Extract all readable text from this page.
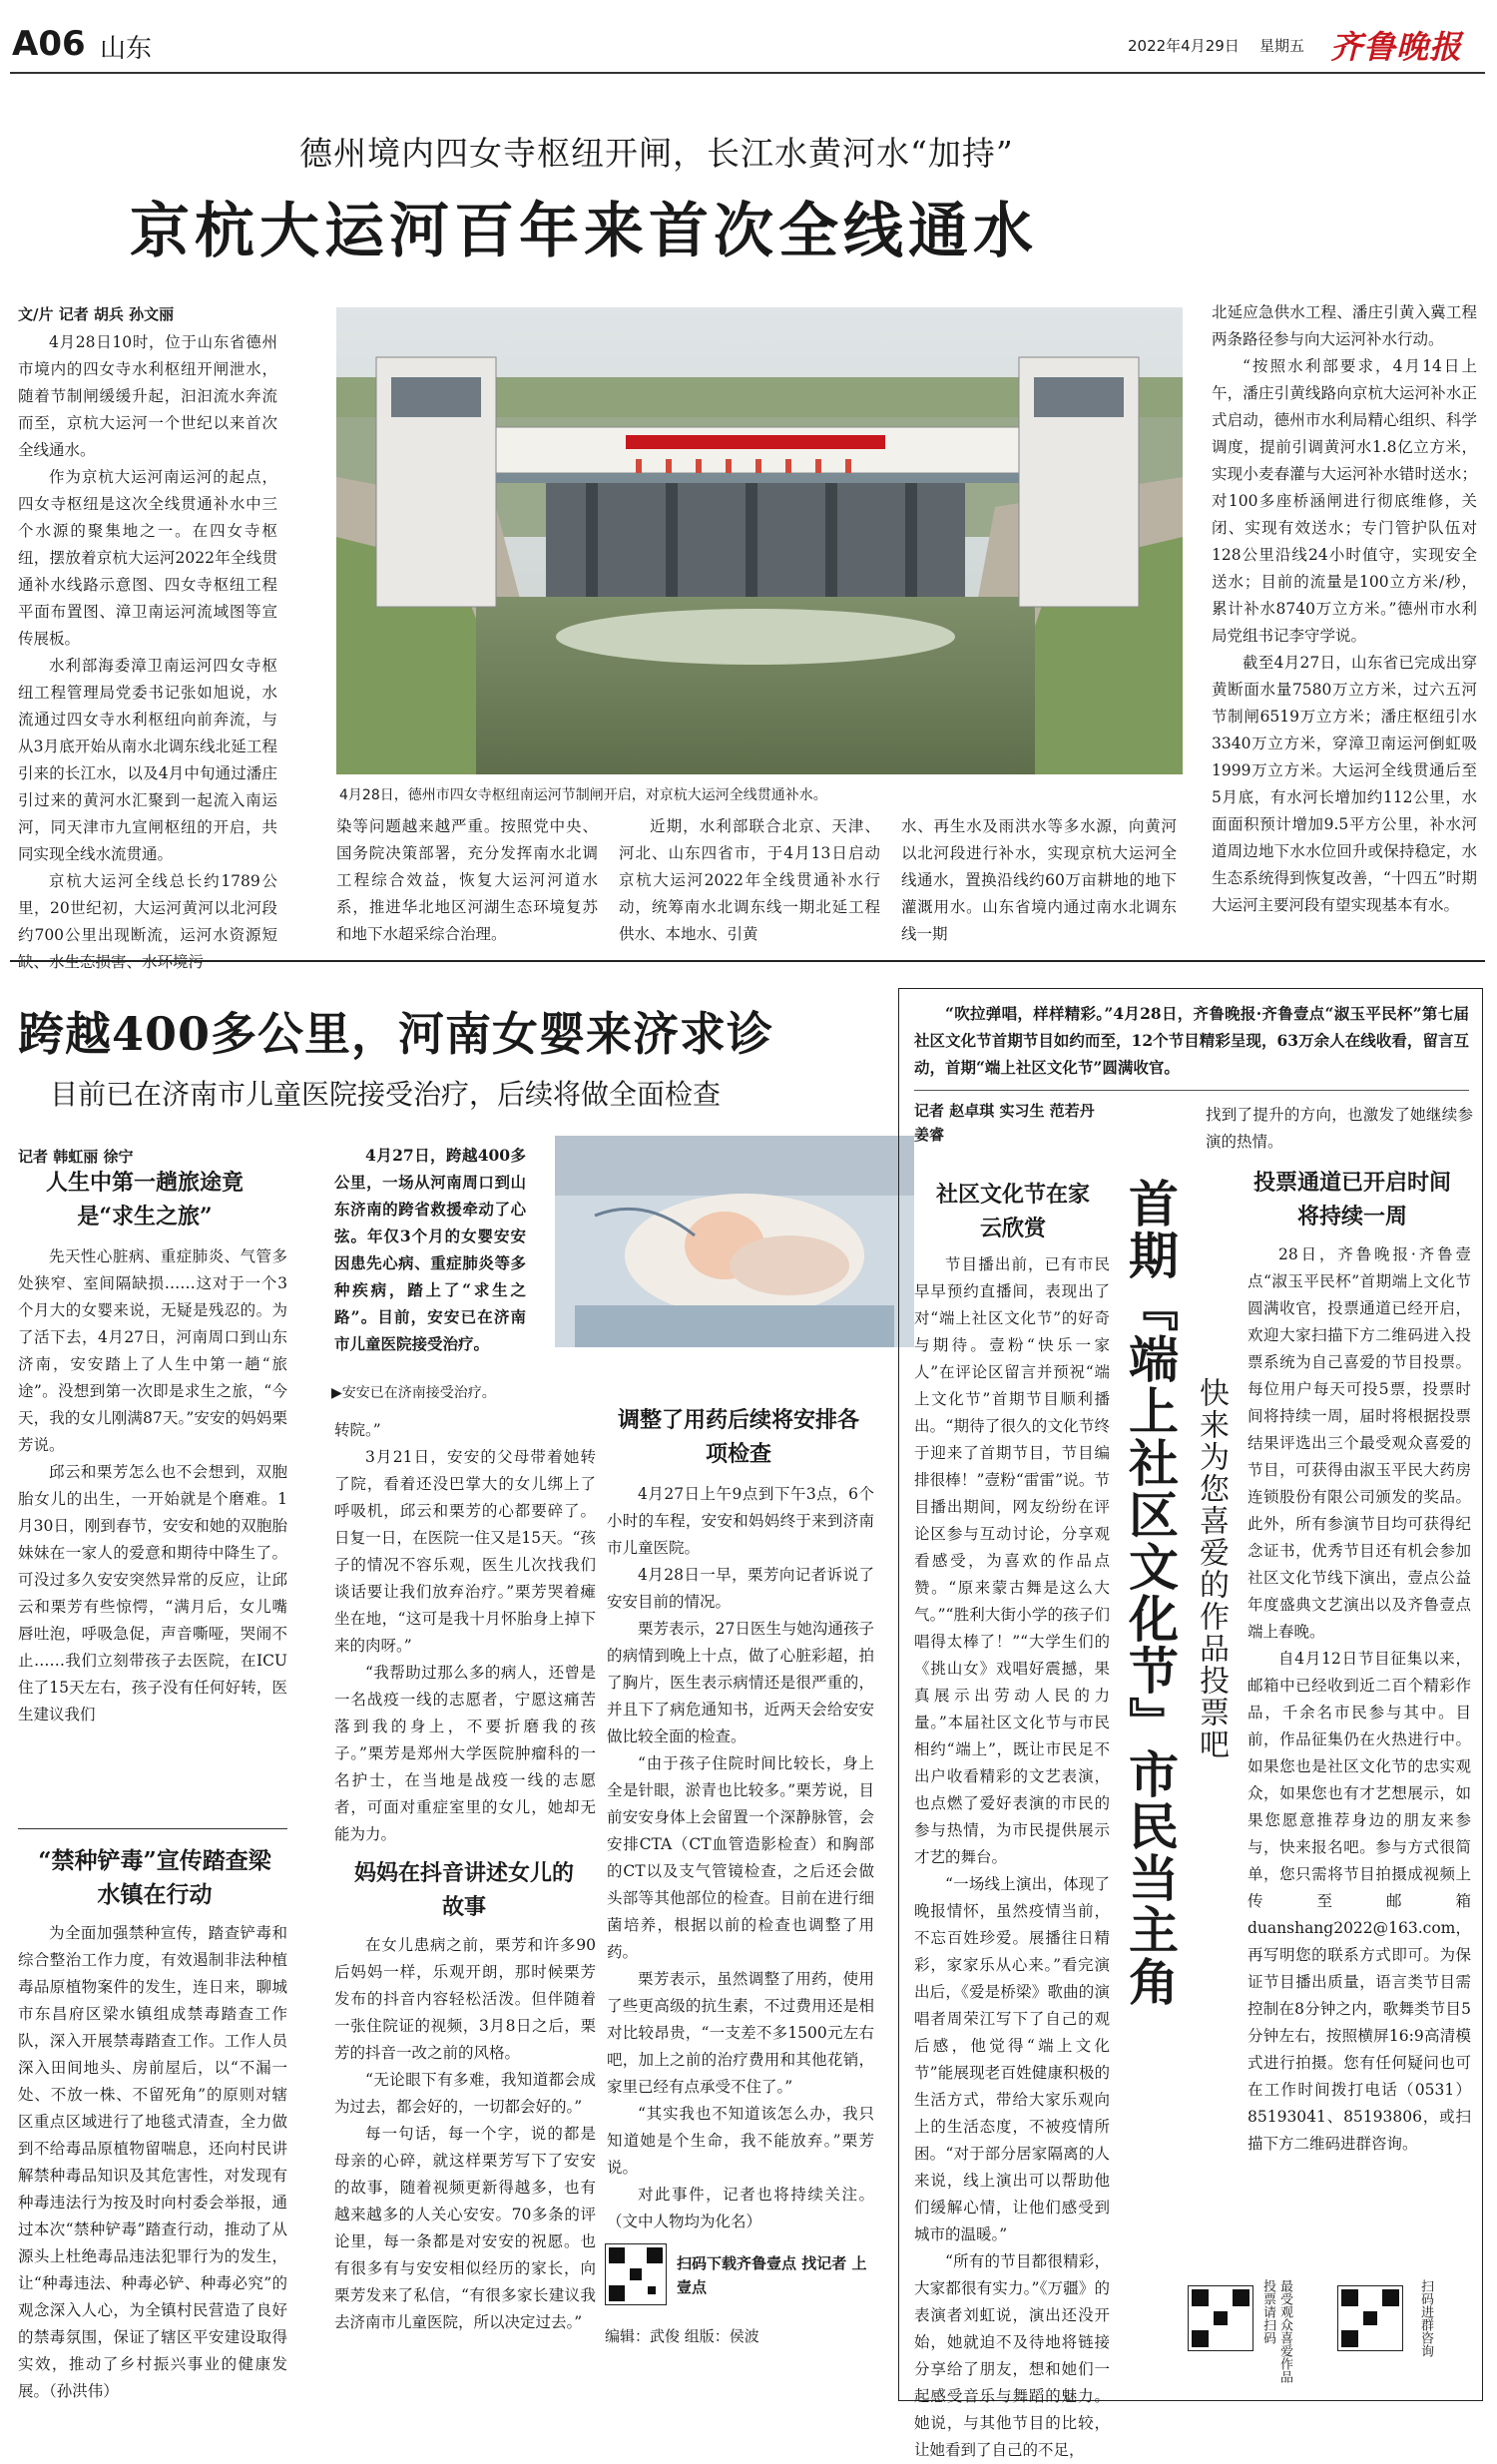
A06 山东	2022年4月29日 星期五 齐鲁晚报
德州境内四女寺枢纽开闸，长江水黄河水“加持”
京杭大运河百年来首次全线通水
文/片 记者 胡兵 孙文丽

4月28日10时，位于山东省德州市境内的四女寺水利枢纽开闸泄水，随着节制闸缓缓升起，汩汩流水奔流而至，京杭大运河一个世纪以来首次全线通水。

作为京杭大运河南运河的起点，四女寺枢纽是这次全线贯通补水中三个水源的聚集地之一。在四女寺枢纽，摆放着京杭大运河2022年全线贯通补水线路示意图、四女寺枢纽工程平面布置图、漳卫南运河流域图等宣传展板。

水利部海委漳卫南运河四女寺枢纽工程管理局党委书记张如旭说，水流通过四女寺水利枢纽向前奔流，与从3月底开始从南水北调东线北延工程引来的长江水，以及4月中旬通过潘庄引过来的黄河水汇聚到一起流入南运河，同天津市九宣闸枢纽的开启，共同实现全线水流贯通。

京杭大运河全线总长约1789公里，20世纪初，大运河黄河以北河段约700公里出现断流，运河水资源短缺、水生态损害、水环境污

4月28日，德州市四女寺枢纽南运河节制闸开启，对京杭大运河全线贯通补水。

染等问题越来越严重。按照党中央、国务院决策部署，充分发挥南水北调工程综合效益，恢复大运河河道水系，推进华北地区河湖生态环境复苏和地下水超采综合治理。

近期，水利部联合北京、天津、河北、山东四省市，于4月13日启动京杭大运河2022年全线贯通补水行动，统筹南水北调东线一期北延工程供水、本地水、引黄

水、再生水及雨洪水等多水源，向黄河以北河段进行补水，实现京杭大运河全线通水，置换沿线约60万亩耕地的地下灌溉用水。山东省境内通过南水北调东线一期

北延应急供水工程、潘庄引黄入冀工程两条路径参与向大运河补水行动。

“按照水利部要求，4月14日上午，潘庄引黄线路向京杭大运河补水正式启动，德州市水利局精心组织、科学调度，提前引调黄河水1.8亿立方米，实现小麦春灌与大运河补水错时送水；对100多座桥涵闸进行彻底维修，关闭、实现有效送水；专门管护队伍对128公里沿线24小时值守，实现安全送水；目前的流量是100立方米/秒，累计补水8740万立方米。”德州市水利局党组书记李守学说。

截至4月27日，山东省已完成出穿黄断面水量7580万立方米，过六五河节制闸6519万立方米；潘庄枢纽引水3340万立方米，穿漳卫南运河倒虹吸1999万立方米。大运河全线贯通后至5月底，有水河长增加约112公里，水面面积预计增加9.5平方公里，补水河道周边地下水水位回升或保持稳定，水生态系统得到恢复改善，“十四五”时期大运河主要河段有望实现基本有水。

跨越400多公里，河南女婴来济求诊
目前已在济南市儿童医院接受治疗，后续将做全面检查
记者 韩虹丽 徐宁
人生中第一趟旅途竟是“求生之旅”

先天性心脏病、重症肺炎、气管多处狭窄、室间隔缺损……这对于一个3个月大的女婴来说，无疑是残忍的。为了活下去，4月27日，河南周口到山东济南，安安踏上了人生中第一趟“旅途”。没想到第一次即是求生之旅，“今天，我的女儿刚满87天。”安安的妈妈栗芳说。

邱云和栗芳怎么也不会想到，双胞胎女儿的出生，一开始就是个磨难。1月30日，刚到春节，安安和她的双胞胎妹妹在一家人的爱意和期待中降生了。可没过多久安安突然异常的反应，让邱云和栗芳有些惊愕，“满月后，女儿嘴唇吐泡，呼吸急促，声音嘶哑，哭闹不止……我们立刻带孩子去医院，在ICU住了15天左右，孩子没有任何好转，医生建议我们

“禁种铲毒”宣传踏查梁水镇在行动

为全面加强禁种宣传，踏查铲毒和综合整治工作力度，有效遏制非法种植毒品原植物案件的发生，连日来，聊城市东昌府区梁水镇组成禁毒踏查工作队，深入开展禁毒踏查工作。工作人员深入田间地头、房前屋后，以“不漏一处、不放一株、不留死角”的原则对辖区重点区域进行了地毯式清查，全力做到不给毒品原植物留喘息，还向村民讲解禁种毒品知识及其危害性，对发现有种毒违法行为按及时向村委会举报，通过本次“禁种铲毒”踏查行动，推动了从源头上杜绝毒品违法犯罪行为的发生，让“种毒违法、种毒必铲、种毒必究”的观念深入人心，为全镇村民营造了良好的禁毒氛围，保证了辖区平安建设取得实效，推动了乡村振兴事业的健康发展。（孙洪伟）

4月27日，跨越400多公里，一场从河南周口到山东济南的跨省救援牵动了心弦。年仅3个月的女婴安安因患先心病、重症肺炎等多种疾病，踏上了“求生之路”。目前，安安已在济南市儿童医院接受治疗。

▶安安已在济南接受治疗。

转院。”

3月21日，安安的父母带着她转了院，看着还没巴掌大的女儿绑上了呼吸机，邱云和栗芳的心都要碎了。日复一日，在医院一住又是15天。“孩子的情况不容乐观，医生儿次找我们谈话要让我们放弃治疗。”栗芳哭着瘫坐在地，“这可是我十月怀胎身上掉下来的肉呀。”

“我帮助过那么多的病人，还曾是一名战疫一线的志愿者，宁愿这痛苦落到我的身上，不要折磨我的孩子。”栗芳是郑州大学医院肿瘤科的一名护士，在当地是战疫一线的志愿者，可面对重症室里的女儿，她却无能为力。

妈妈在抖音讲述女儿的故事

在女儿患病之前，栗芳和许多90后妈妈一样，乐观开朗，那时候栗芳发布的抖音内容轻松活泼。但伴随着一张住院证的视频，3月8日之后，栗芳的抖音一改之前的风格。

“无论眼下有多难，我知道都会成为过去，都会好的，一切都会好的。”

每一句话，每一个字，说的都是母亲的心碎，就这样栗芳写下了安安的故事，随着视频更新得越多，也有越来越多的人关心安安。70多条的评论里，每一条都是对安安的祝愿。也有很多有与安安相似经历的家长，向栗芳发来了私信，“有很多家长建议我去济南市儿童医院，所以决定过去。”

调整了用药后续将安排各项检查

4月27日上午9点到下午3点，6个小时的车程，安安和妈妈终于来到济南市儿童医院。

4月28日一早，栗芳向记者诉说了安安目前的情况。

栗芳表示，27日医生与她沟通孩子的病情到晚上十点，做了心脏彩超，拍了胸片，医生表示病情还是很严重的，并且下了病危通知书，近两天会给安安做比较全面的检查。

“由于孩子住院时间比较长，身上全是针眼，淤青也比较多。”栗芳说，目前安安身体上会留置一个深静脉管，会安排CTA（CT血管造影检查）和胸部的CT以及支气管镜检查，之后还会做头部等其他部位的检查。目前在进行细菌培养，根据以前的检查也调整了用药。

栗芳表示，虽然调整了用药，使用了些更高级的抗生素，不过费用还是相对比较昂贵，“一支差不多1500元左右吧，加上之前的治疗费用和其他花销，家里已经有点承受不住了。”

“其实我也不知道该怎么办，我只知道她是个生命，我不能放弃。”栗芳说。

对此事件，记者也将持续关注。（文中人物均为化名）

扫码下载齐鲁壹点 找记者 上壹点
编辑：武俊 组版：侯波

“吹拉弹唱，样样精彩。”4月28日，齐鲁晚报·齐鲁壹点“淑玉平民杯”第七届社区文化节首期节目如约而至，12个节目精彩呈现，63万余人在线收看，留言互动，首期“端上社区文化节”圆满收官。

记者 赵卓琪 实习生 范若丹 姜睿
社区文化节在家云欣赏

节目播出前，已有市民早早预约直播间，表现出了对“端上社区文化节”的好奇与期待。壹粉“快乐一家人”在评论区留言并预祝“端上文化节”首期节目顺利播出。“期待了很久的文化节终于迎来了首期节目，节目编排很棒！”壹粉“雷雷”说。节目播出期间，网友纷纷在评论区参与互动讨论，分享观看感受，为喜欢的作品点赞。“原来蒙古舞是这么大气。”“胜利大街小学的孩子们唱得太棒了！”“大学生们的《挑山女》戏唱好震撼，果真展示出劳动人民的力量。”本届社区文化节与市民相约“端上”，既让市民足不出户收看精彩的文艺表演，也点燃了爱好表演的市民的参与热情，为市民提供展示才艺的舞台。

“一场线上演出，体现了晚报情怀，虽然疫情当前，不忘百姓珍爱。展播往日精彩，家家乐从心来。”看完演出后，《爱是桥梁》歌曲的演唱者周荣江写下了自己的观后感，他觉得“端上文化节”能展现老百姓健康积极的生活方式，带给大家乐观向上的生活态度，不被疫情所困。“对于部分居家隔离的人来说，线上演出可以帮助他们缓解心情，让他们感受到城市的温暖。”

“所有的节目都很精彩，大家都很有实力。”《万疆》的表演者刘虹说，演出还没开始，她就迫不及待地将链接分享给了朋友，想和她们一起感受音乐与舞蹈的魅力。她说，与其他节目的比较，让她看到了自己的不足，

首期『端上社区文化节』市民当主角 快来为您喜爱的作品投票吧

找到了提升的方向，也激发了她继续参演的热情。

投票通道已开启时间将持续一周

28日，齐鲁晚报·齐鲁壹点“淑玉平民杯”首期端上文化节圆满收官，投票通道已经开启，欢迎大家扫描下方二维码进入投票系统为自己喜爱的节目投票。每位用户每天可投5票，投票时间将持续一周，届时将根据投票结果评选出三个最受观众喜爱的节目，可获得由淑玉平民大药房连锁股份有限公司颁发的奖品。此外，所有参演节目均可获得纪念证书，优秀节目还有机会参加社区文化节线下演出，壹点公益年度盛典文艺演出以及齐鲁壹点端上春晚。

自4月12日节目征集以来，邮箱中已经收到近二百个精彩作品，千余名市民参与其中。目前，作品征集仍在火热进行中。如果您也是社区文化节的忠实观众，如果您也有才艺想展示，如果您愿意推荐身边的朋友来参与，快来报名吧。参与方式很简单，您只需将节目拍摄成视频上传至邮箱duanshang2022@163.com，再写明您的联系方式即可。为保证节目播出质量，语言类节目需控制在8分钟之内，歌舞类节目5分钟左右，按照横屏16:9高清模式进行拍摄。您有任何疑问也可在工作时间拨打电话（0531）85193041、85193806，或扫描下方二维码进群咨询。

最受观众喜爱作品投票请扫码	扫码进群咨询
